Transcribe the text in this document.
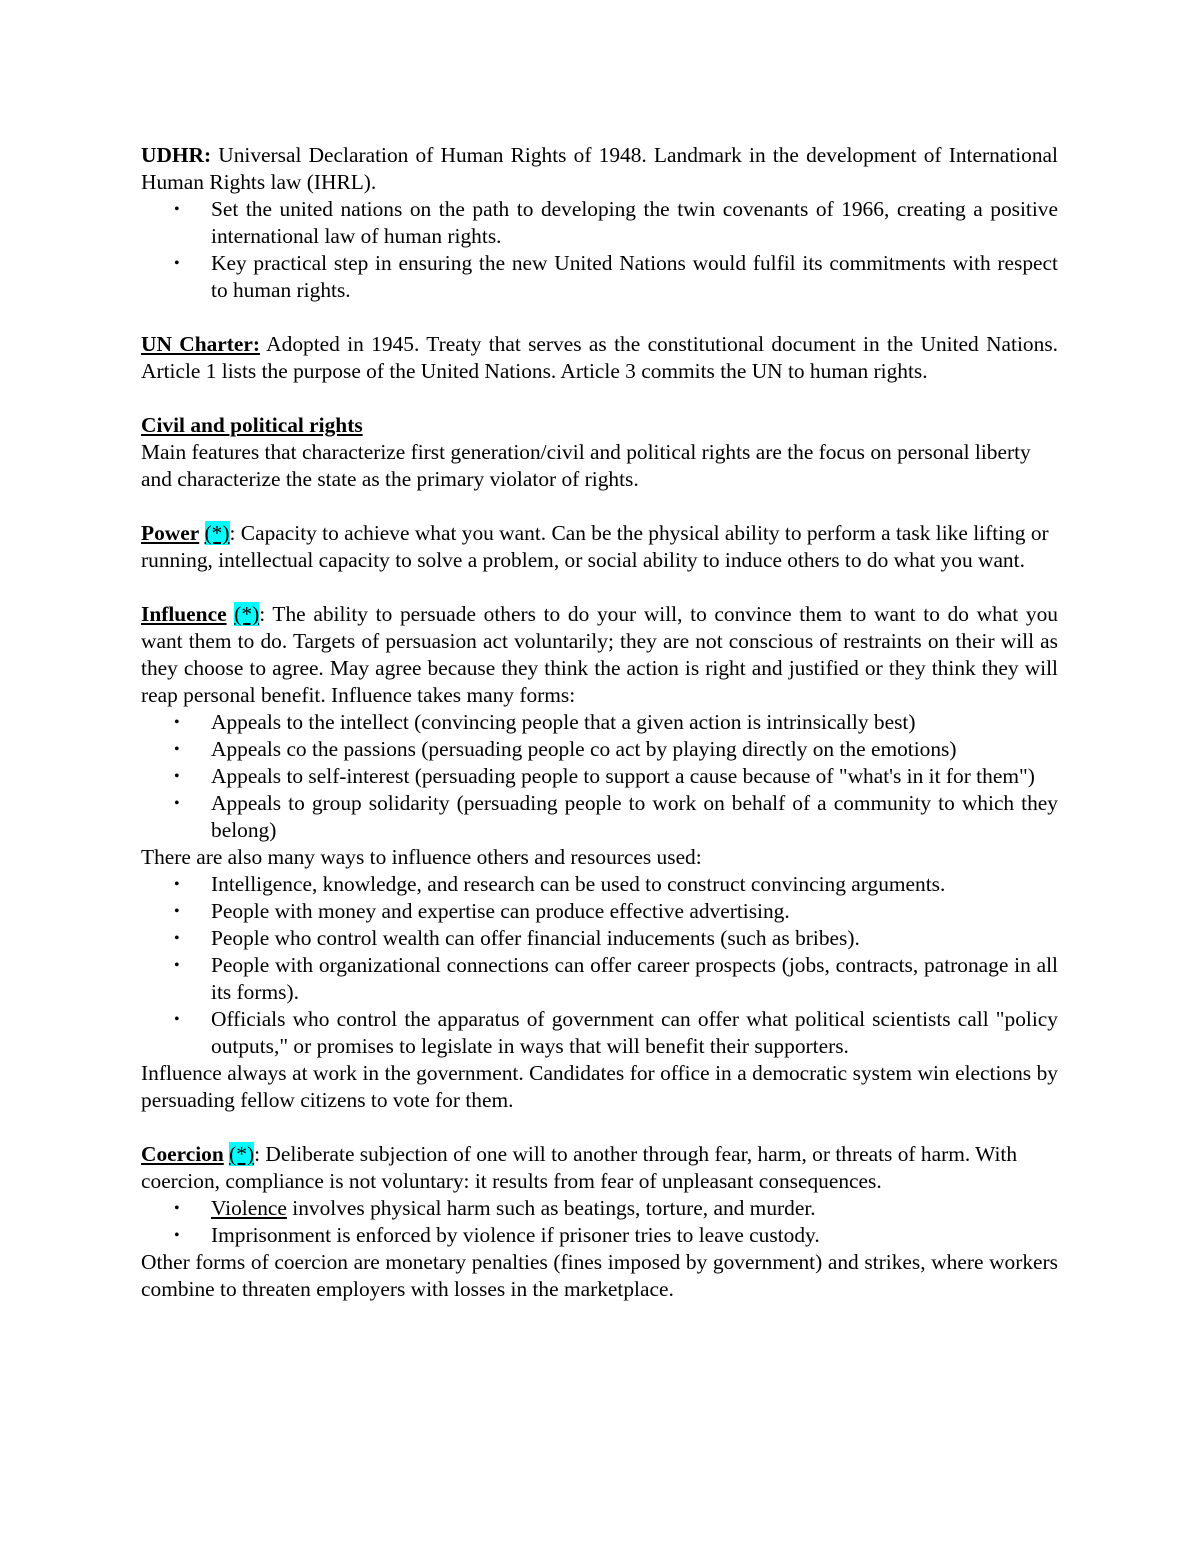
UDHR: Universal Declaration of Human Rights of 1948. Landmark in the development of International Human Rights law (IHRL).

• Set the united nations on the path to developing the twin covenants of 1966, creating a positive international law of human rights.
• Key practical step in ensuring the new United Nations would fulfil its commitments with respect to human rights.

UN Charter: Adopted in 1945. Treaty that serves as the constitutional document in the United Nations. Article 1 lists the purpose of the United Nations. Article 3 commits the UN to human rights.

Civil and political rights

Main features that characterize first generation/civil and political rights are the focus on personal liberty and characterize the state as the primary violator of rights.

Power (*): Capacity to achieve what you want. Can be the physical ability to perform a task like lifting or running, intellectual capacity to solve a problem, or social ability to induce others to do what you want.

Influence (*): The ability to persuade others to do your will, to convince them to want to do what you want them to do. Targets of persuasion act voluntarily; they are not conscious of restraints on their will as they choose to agree. May agree because they think the action is right and justified or they think they will reap personal benefit. Influence takes many forms:

• Appeals to the intellect (convincing people that a given action is intrinsically best)
• Appeals co the passions (persuading people co act by playing directly on the emotions)
• Appeals to self-interest (persuading people to support a cause because of "what's in it for them")
• Appeals to group solidarity (persuading people to work on behalf of a community to which they belong)

There are also many ways to influence others and resources used:

• Intelligence, knowledge, and research can be used to construct convincing arguments.
• People with money and expertise can produce effective advertising.
• People who control wealth can offer financial inducements (such as bribes).
• People with organizational connections can offer career prospects (jobs, contracts, patronage in all its forms).
• Officials who control the apparatus of government can offer what political scientists call "policy outputs," or promises to legislate in ways that will benefit their supporters.

Influence always at work in the government. Candidates for office in a democratic system win elections by persuading fellow citizens to vote for them.

Coercion (*): Deliberate subjection of one will to another through fear, harm, or threats of harm. With coercion, compliance is not voluntary: it results from fear of unpleasant consequences.

• Violence involves physical harm such as beatings, torture, and murder.
• Imprisonment is enforced by violence if prisoner tries to leave custody.

Other forms of coercion are monetary penalties (fines imposed by government) and strikes, where workers combine to threaten employers with losses in the marketplace.
